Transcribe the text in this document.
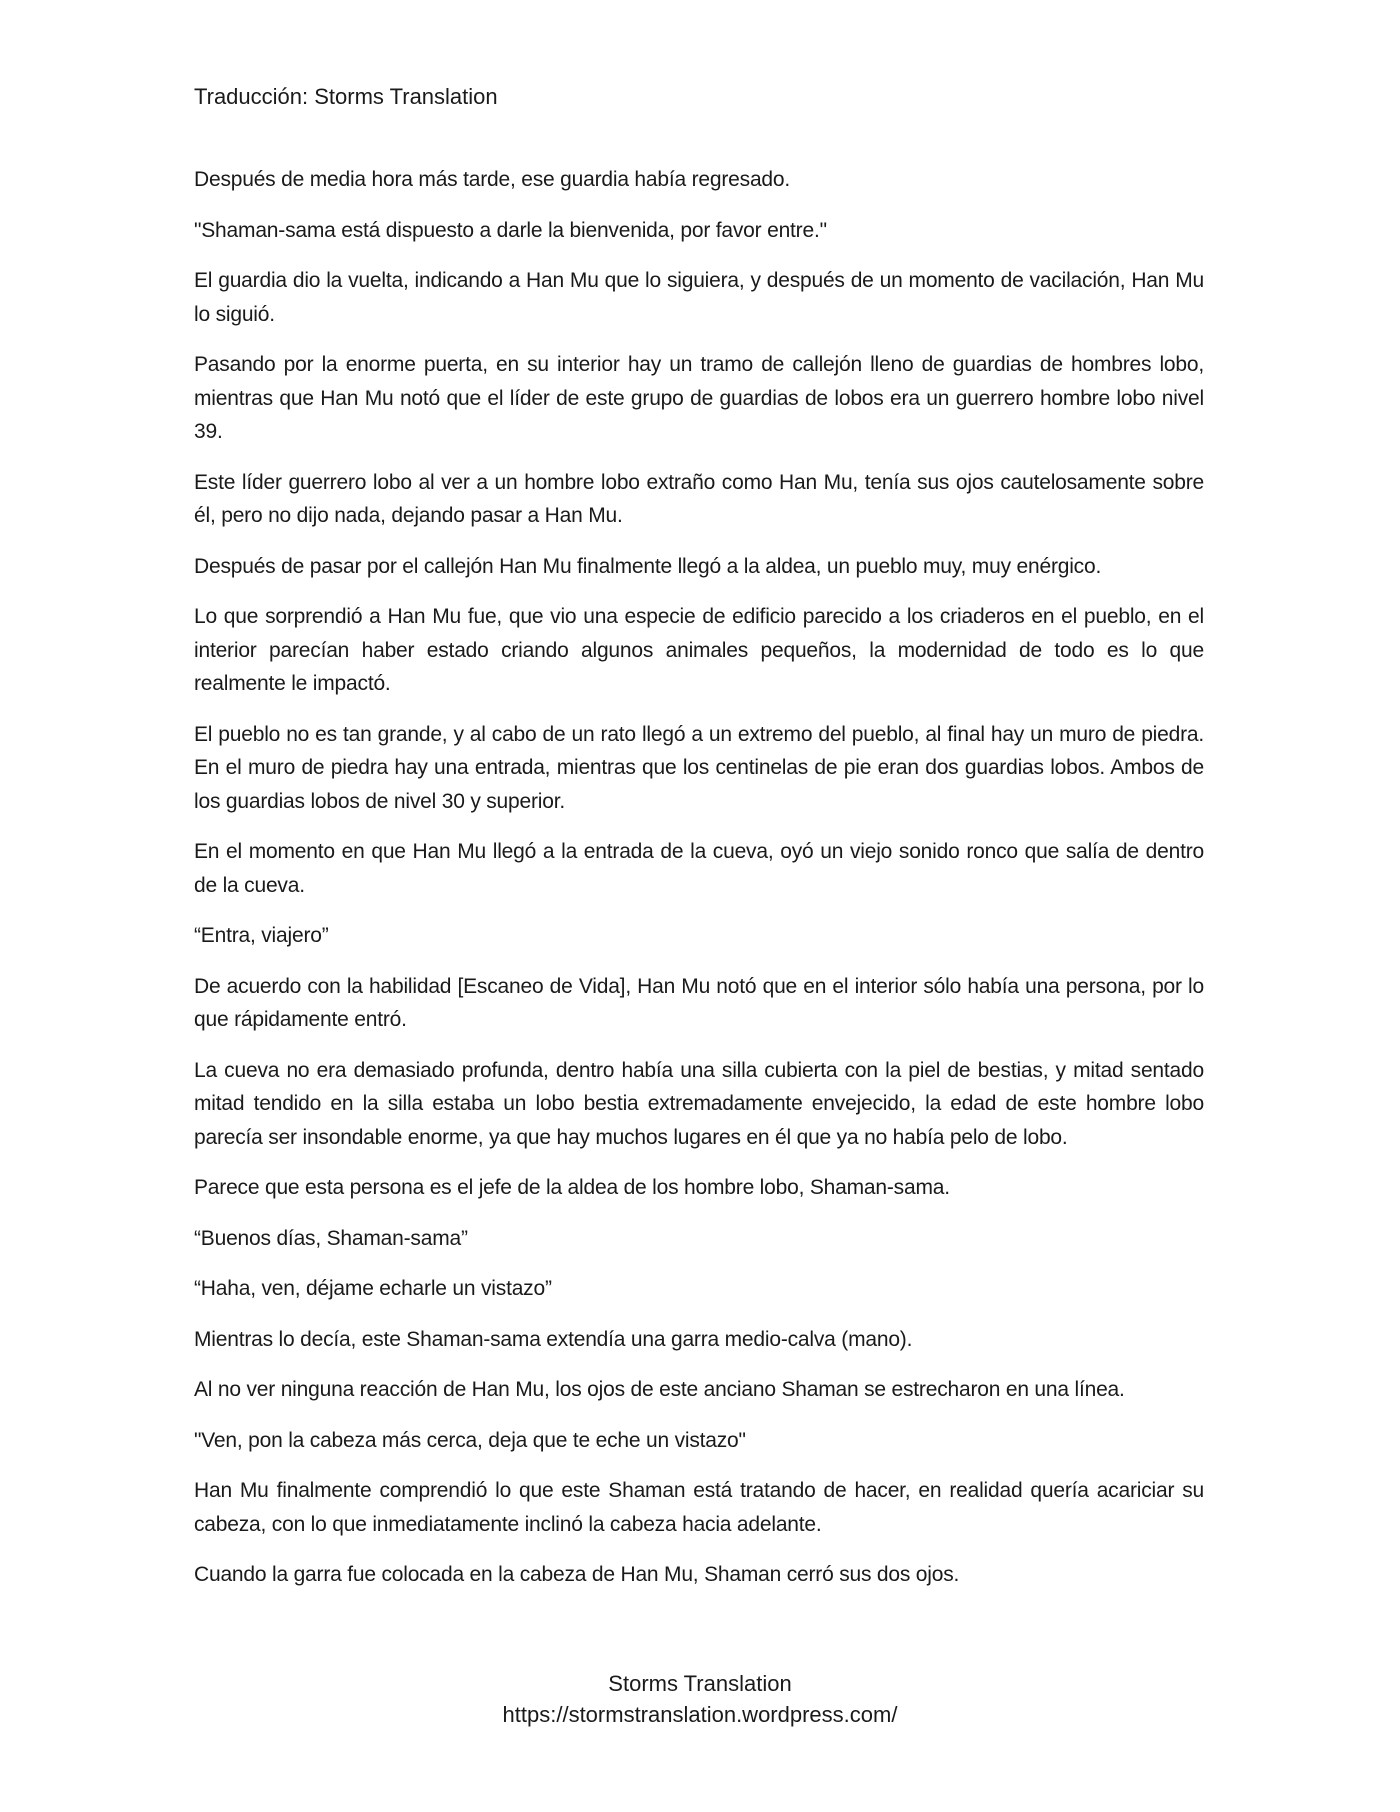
Traducción: Storms Translation

Después de media hora más tarde, ese guardia había regresado.

"Shaman-sama está dispuesto a darle la bienvenida, por favor entre."

El guardia dio la vuelta, indicando a Han Mu que lo siguiera, y después de un momento de vacilación, Han Mu lo siguió.

Pasando por la enorme puerta, en su interior hay un tramo de callejón lleno de guardias de hombres lobo, mientras que Han Mu notó que el líder de este grupo de guardias de lobos era un guerrero hombre lobo nivel 39.

Este líder guerrero lobo al ver a un hombre lobo extraño como Han Mu, tenía sus ojos cautelosamente sobre él, pero no dijo nada, dejando pasar a Han Mu.

Después de pasar por el callejón Han Mu finalmente llegó a la aldea, un pueblo muy, muy enérgico.

Lo que sorprendió a Han Mu fue, que vio una especie de edificio parecido a los criaderos en el pueblo, en el interior parecían haber estado criando algunos animales pequeños, la modernidad de todo es lo que realmente le impactó.

El pueblo no es tan grande, y al cabo de un rato llegó a un extremo del pueblo, al final hay un muro de piedra. En el muro de piedra hay una entrada, mientras que los centinelas de pie eran dos guardias lobos. Ambos de los guardias lobos de nivel 30 y superior.

En el momento en que Han Mu llegó a la entrada de la cueva, oyó un viejo sonido ronco que salía de dentro de la cueva.

“Entra, viajero”

De acuerdo con la habilidad [Escaneo de Vida], Han Mu notó que en el interior sólo había una persona, por lo que rápidamente entró.

La cueva no era demasiado profunda, dentro había una silla cubierta con la piel de bestias, y mitad sentado mitad tendido en la silla estaba un lobo bestia extremadamente envejecido, la edad de este hombre lobo parecía ser insondable enorme, ya que hay muchos lugares en él que ya no había pelo de lobo.

Parece que esta persona es el jefe de la aldea de los hombre lobo, Shaman-sama.

“Buenos días, Shaman-sama”

“Haha, ven, déjame echarle un vistazo”

Mientras lo decía, este Shaman-sama extendía una garra medio-calva (mano).

Al no ver ninguna reacción de Han Mu, los ojos de este anciano Shaman se estrecharon en una línea.

"Ven, pon la cabeza más cerca, deja que te eche un vistazo"

Han Mu finalmente comprendió lo que este Shaman está tratando de hacer, en realidad quería acariciar su cabeza, con lo que inmediatamente inclinó la cabeza hacia adelante.

Cuando la garra fue colocada en la cabeza de Han Mu, Shaman cerró sus dos ojos.

Storms Translation
https://stormstranslation.wordpress.com/
